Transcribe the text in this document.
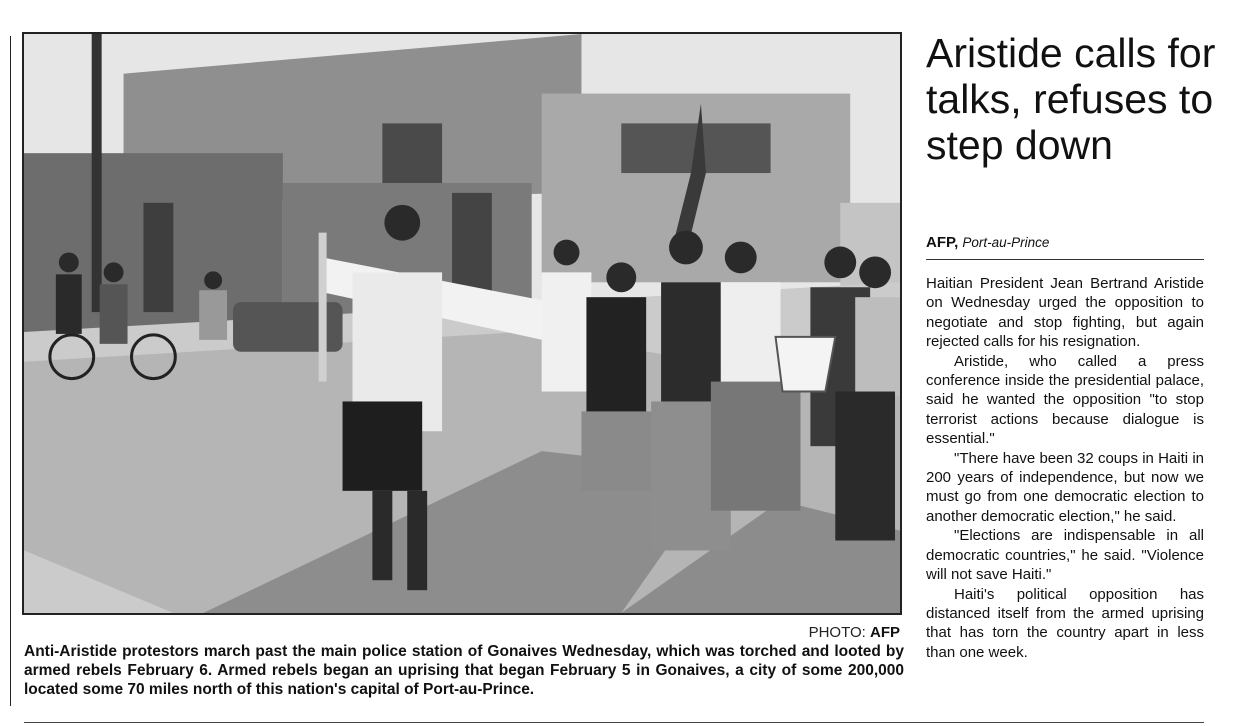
PHOTO: AFP
Anti-Aristide protestors march past the main police station of Gonaives Wednesday, which was torched and looted by armed rebels February 6. Armed rebels began an uprising that began February 5 in Gonaives, a city of some 200,000 located some 70 miles north of this nation's capital of Port-au-Prince.
Aristide calls for talks, refuses to step down
AFP, Port-au-Prince

Haitian President Jean Bertrand Aristide on Wednesday urged the opposition to negotiate and stop fighting, but again rejected calls for his resignation.

Aristide, who called a press conference inside the presidential palace, said he wanted the opposition "to stop terrorist actions because dialogue is essential."

"There have been 32 coups in Haiti in 200 years of independence, but now we must go from one democratic election to another democratic election," he said.

"Elections are indispensable in all democratic countries," he said. "Violence will not save Haiti."

Haiti's political opposition has distanced itself from the armed uprising that has torn the country apart in less than one week.
